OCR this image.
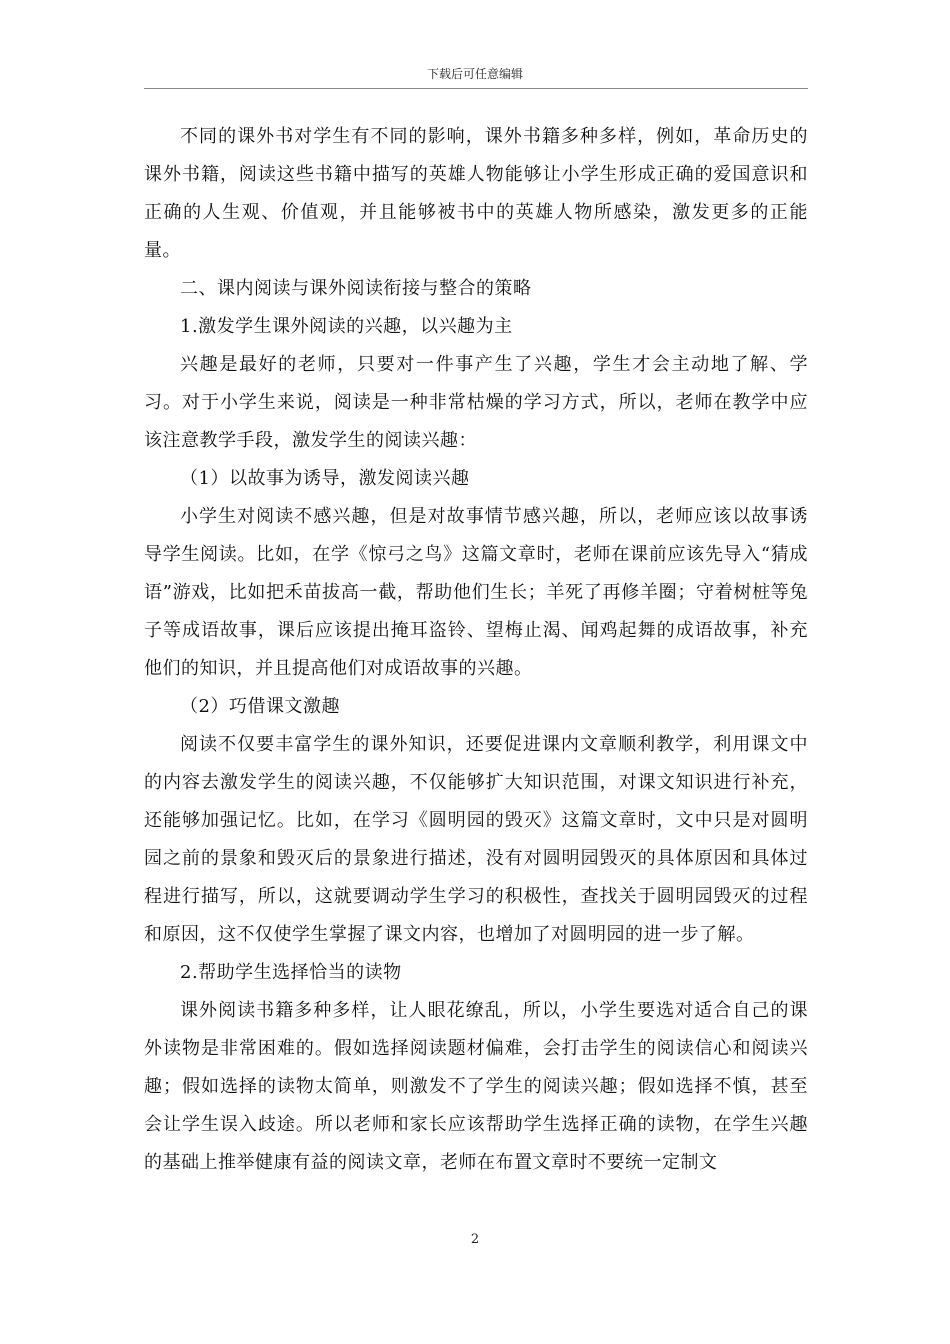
下载后可任意编辑

不同的课外书对学生有不同的影响，课外书籍多种多样，例如，革命历史的课外书籍，阅读这些书籍中描写的英雄人物能够让小学生形成正确的爱国意识和正确的人生观、价值观，并且能够被书中的英雄人物所感染，激发更多的正能量。

二、课内阅读与课外阅读衔接与整合的策略

1.激发学生课外阅读的兴趣，以兴趣为主

兴趣是最好的老师，只要对一件事产生了兴趣，学生才会主动地了解、学习。对于小学生来说，阅读是一种非常枯燥的学习方式，所以，老师在教学中应该注意教学手段，激发学生的阅读兴趣：

（1）以故事为诱导，激发阅读兴趣

小学生对阅读不感兴趣，但是对故事情节感兴趣，所以，老师应该以故事诱导学生阅读。比如，在学《惊弓之鸟》这篇文章时，老师在课前应该先导入“猜成语”游戏，比如把禾苗拔高一截，帮助他们生长；羊死了再修羊圈；守着树桩等兔子等成语故事，课后应该提出掩耳盗铃、望梅止渴、闻鸡起舞的成语故事，补充他们的知识，并且提高他们对成语故事的兴趣。

（2）巧借课文激趣

阅读不仅要丰富学生的课外知识，还要促进课内文章顺利教学，利用课文中的内容去激发学生的阅读兴趣，不仅能够扩大知识范围，对课文知识进行补充，还能够加强记忆。比如，在学习《圆明园的毁灭》这篇文章时，文中只是对圆明园之前的景象和毁灭后的景象进行描述，没有对圆明园毁灭的具体原因和具体过程进行描写，所以，这就要调动学生学习的积极性，查找关于圆明园毁灭的过程和原因，这不仅使学生掌握了课文内容，也增加了对圆明园的进一步了解。

2.帮助学生选择恰当的读物

课外阅读书籍多种多样，让人眼花缭乱，所以，小学生要选对适合自己的课外读物是非常困难的。假如选择阅读题材偏难，会打击学生的阅读信心和阅读兴趣；假如选择的读物太简单，则激发不了学生的阅读兴趣；假如选择不慎，甚至会让学生误入歧途。所以老师和家长应该帮助学生选择正确的读物，在学生兴趣的基础上推举健康有益的阅读文章，老师在布置文章时不要统一定制文

2
